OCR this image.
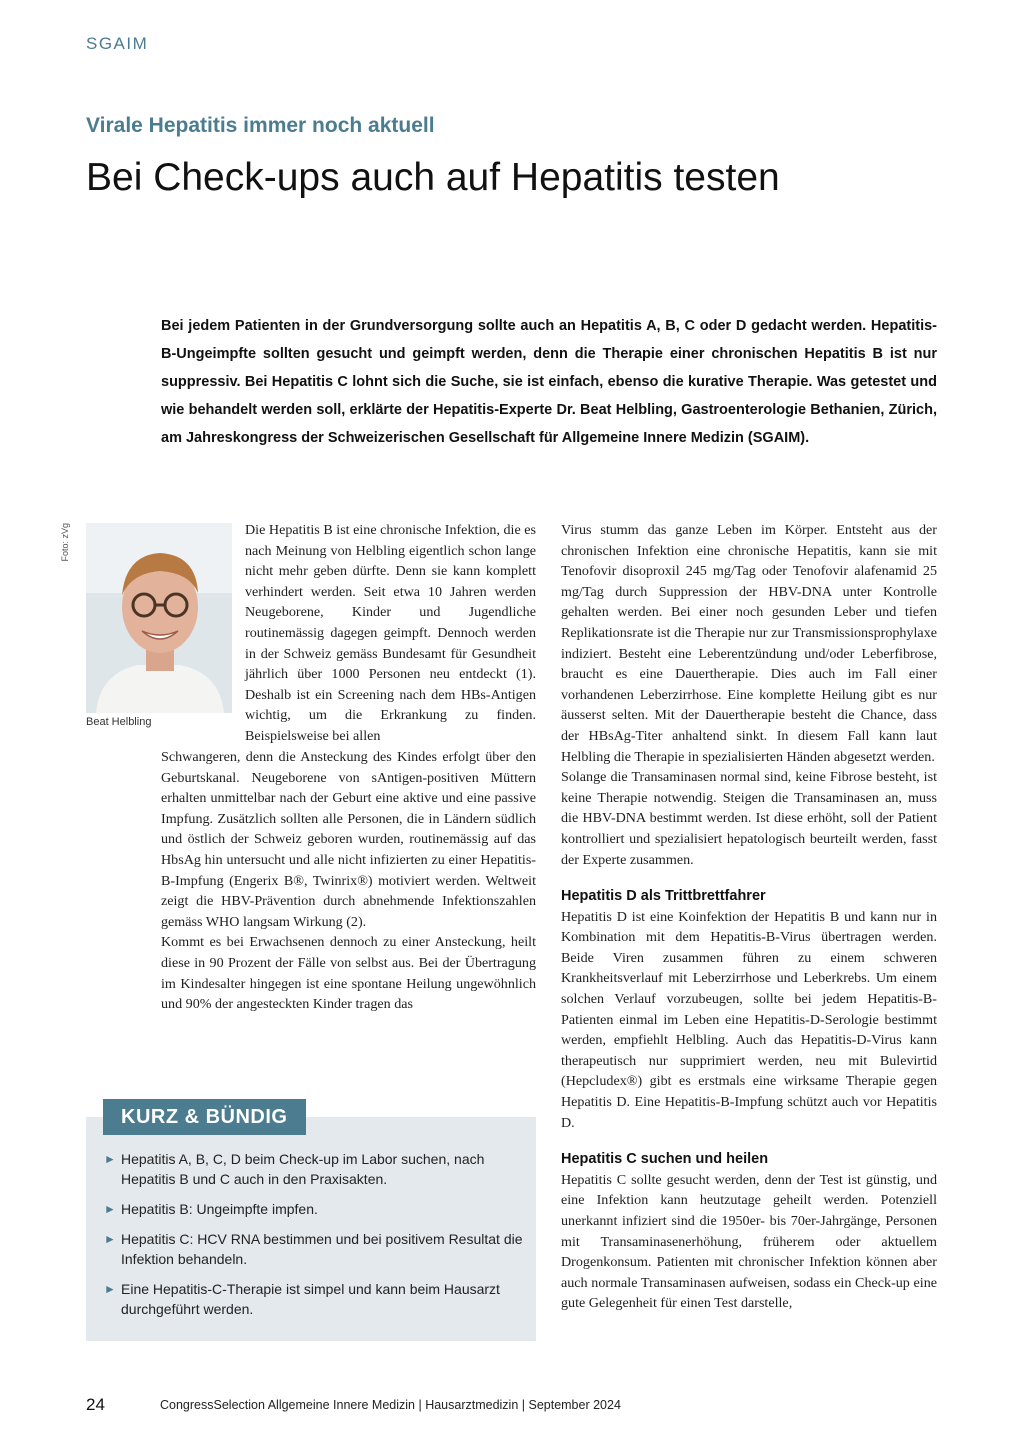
SGAIM
Virale Hepatitis immer noch aktuell
Bei Check-ups auch auf Hepatitis testen

Bei jedem Patienten in der Grundversorgung sollte auch an Hepatitis A, B, C oder D gedacht werden. Hepatitis-B-Ungeimpfte sollten gesucht und geimpft werden, denn die Therapie einer chronischen Hepatitis B ist nur suppressiv. Bei Hepatitis C lohnt sich die Suche, sie ist einfach, ebenso die kurative Therapie. Was getestet und wie behandelt werden soll, erklärte der Hepatitis-Experte Dr. Beat Helbling, Gastroenterologie Bethanien, Zürich, am Jahreskongress der Schweizerischen Gesellschaft für Allgemeine Innere Medizin (SGAIM).

Foto: zVg
Beat Helbling

Die Hepatitis B ist eine chronische Infektion, die es nach Meinung von Helbling eigentlich schon lange nicht mehr geben dürfte. Denn sie kann komplett verhindert werden. Seit etwa 10 Jahren werden Neugeborene, Kinder und Jugendliche routinemässig dagegen geimpft. Dennoch werden in der Schweiz gemäss Bundesamt für Gesundheit jährlich über 1000 Personen neu entdeckt (1). Deshalb ist ein Screening nach dem HBs-Antigen wichtig, um die Erkrankung zu finden. Beispielsweise bei allen

Schwangeren, denn die Ansteckung des Kindes erfolgt über den Geburtskanal. Neugeborene von sAntigen-positiven Müttern erhalten unmittelbar nach der Geburt eine aktive und eine passive Impfung. Zusätzlich sollten alle Personen, die in Ländern südlich und östlich der Schweiz geboren wurden, routinemässig auf das HbsAg hin untersucht und alle nicht infizierten zu einer Hepatitis-B-Impfung (Engerix B®, Twinrix®) motiviert werden. Weltweit zeigt die HBV-Prävention durch abnehmende Infektionszahlen gemäss WHO langsam Wirkung (2).

Kommt es bei Erwachsenen dennoch zu einer Ansteckung, heilt diese in 90 Prozent der Fälle von selbst aus. Bei der Übertragung im Kindesalter hingegen ist eine spontane Heilung ungewöhnlich und 90% der angesteckten Kinder tragen das

Virus stumm das ganze Leben im Körper. Entsteht aus der chronischen Infektion eine chronische Hepatitis, kann sie mit Tenofovir disoproxil 245 mg/Tag oder Tenofovir alafenamid 25 mg/Tag durch Suppression der HBV-DNA unter Kontrolle gehalten werden. Bei einer noch gesunden Leber und tiefen Replikationsrate ist die Therapie nur zur Transmissionsprophylaxe indiziert. Besteht eine Leberentzündung und/oder Leberfibrose, braucht es eine Dauertherapie. Dies auch im Fall einer vorhandenen Leberzirrhose. Eine komplette Heilung gibt es nur äusserst selten. Mit der Dauertherapie besteht die Chance, dass der HBsAg-Titer anhaltend sinkt. In diesem Fall kann laut Helbling die Therapie in spezialisierten Händen abgesetzt werden.

Solange die Transaminasen normal sind, keine Fibrose besteht, ist keine Therapie notwendig. Steigen die Transaminasen an, muss die HBV-DNA bestimmt werden. Ist diese erhöht, soll der Patient kontrolliert und spezialisiert hepatologisch beurteilt werden, fasst der Experte zusammen.

Hepatitis D als Trittbrettfahrer

Hepatitis D ist eine Koinfektion der Hepatitis B und kann nur in Kombination mit dem Hepatitis-B-Virus übertragen werden. Beide Viren zusammen führen zu einem schweren Krankheitsverlauf mit Leberzirrhose und Leberkrebs. Um einem solchen Verlauf vorzubeugen, sollte bei jedem Hepatitis-B-Patienten einmal im Leben eine Hepatitis-D-Serologie bestimmt werden, empfiehlt Helbling. Auch das Hepatitis-D-Virus kann therapeutisch nur supprimiert werden, neu mit Bulevirtid (Hepcludex®) gibt es erstmals eine wirksame Therapie gegen Hepatitis D. Eine Hepatitis-B-Impfung schützt auch vor Hepatitis D.

Hepatitis C suchen und heilen

Hepatitis C sollte gesucht werden, denn der Test ist günstig, und eine Infektion kann heutzutage geheilt werden. Potenziell unerkannt infiziert sind die 1950er- bis 70er-Jahrgänge, Personen mit Transaminasenerhöhung, früherem oder aktuellem Drogenkonsum. Patienten mit chronischer Infektion können aber auch normale Transaminasen aufweisen, sodass ein Check-up eine gute Gelegenheit für einen Test darstelle,

KURZ & BÜNDIG
► Hepatitis A, B, C, D beim Check-up im Labor suchen, nach Hepatitis B und C auch in den Praxisakten.
► Hepatitis B: Ungeimpfte impfen.
► Hepatitis C: HCV RNA bestimmen und bei positivem Resultat die Infektion behandeln.
► Eine Hepatitis-C-Therapie ist simpel und kann beim Hausarzt durchgeführt werden.
24	CongressSelection Allgemeine Innere Medizin | Hausarztmedizin | September 2024
